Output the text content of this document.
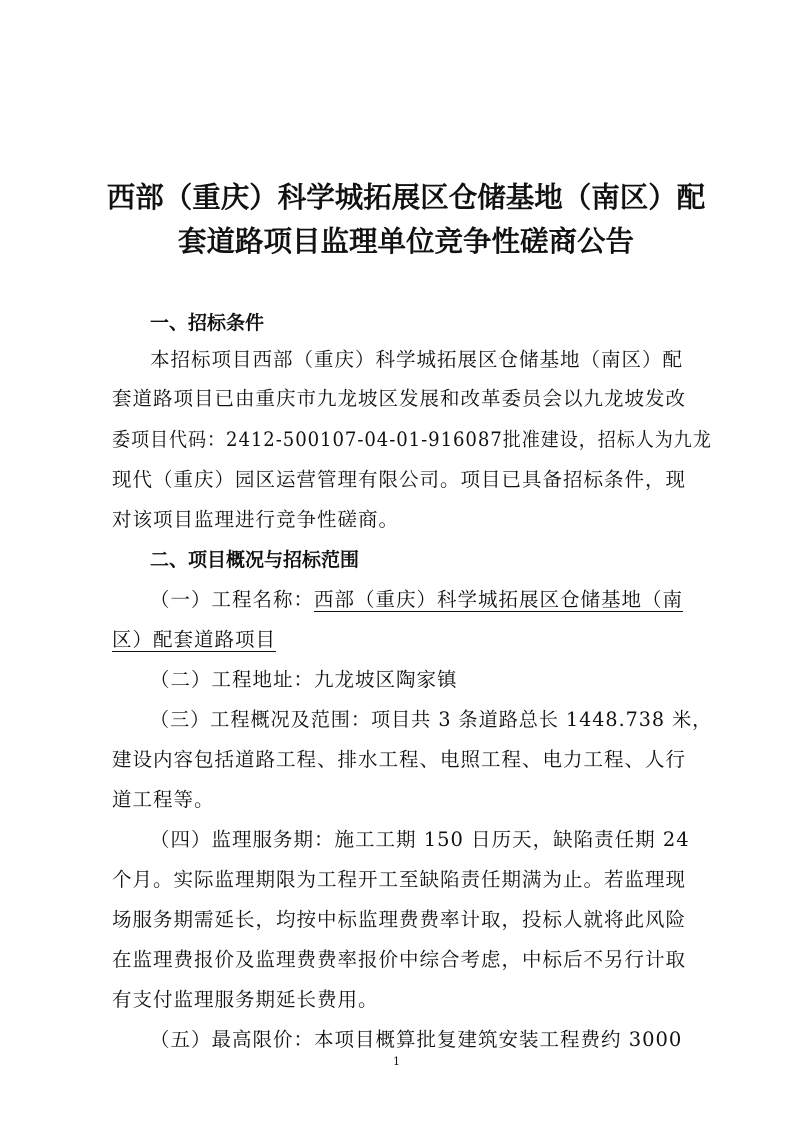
西部（重庆）科学城拓展区仓储基地（南区）配
套道路项目监理单位竞争性磋商公告
一、招标条件
本招标项目西部（重庆）科学城拓展区仓储基地（南区）配
套道路项目已由重庆市九龙坡区发展和改革委员会以九龙坡发改
委项目代码：2412-500107-04-01-916087批准建设，招标人为九龙
现代（重庆）园区运营管理有限公司。项目已具备招标条件，现
对该项目监理进行竞争性磋商。
二、项目概况与招标范围
（一）工程名称：西部（重庆）科学城拓展区仓储基地（南
区）配套道路项目
（二）工程地址：九龙坡区陶家镇
（三）工程概况及范围：项目共 3 条道路总长 1448.738 米，
建设内容包括道路工程、排水工程、电照工程、电力工程、人行
道工程等。
（四）监理服务期：施工工期 150 日历天，缺陷责任期 24
个月。实际监理期限为工程开工至缺陷责任期满为止。若监理现
场服务期需延长，均按中标监理费费率计取，投标人就将此风险
在监理费报价及监理费费率报价中综合考虑，中标后不另行计取
有支付监理服务期延长费用。
（五）最高限价：本项目概算批复建筑安装工程费约 3000
1
